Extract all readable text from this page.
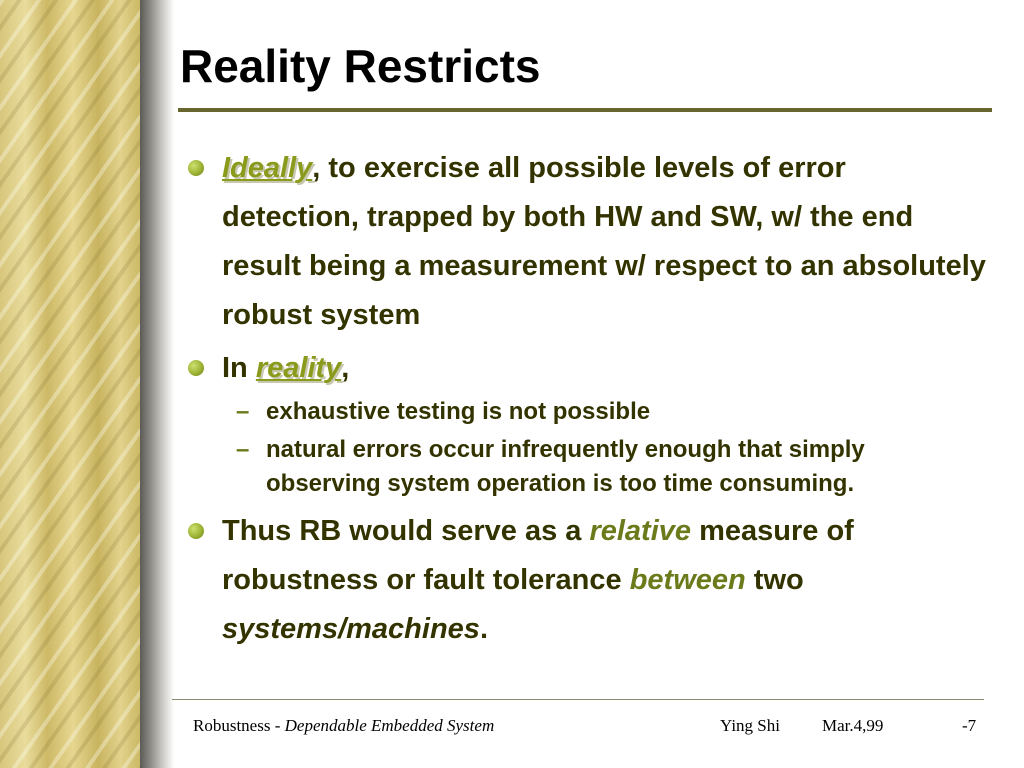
Reality Restricts
Ideally, to exercise all possible levels of error detection, trapped by both HW and SW, w/ the end result being a measurement w/ respect to an absolutely robust system
In reality,
– exhaustive testing is not possible
– natural errors occur infrequently enough that simply observing system operation is too time consuming.
Thus RB would serve as a relative measure of robustness or fault tolerance between two systems/machines.
Robustness - Dependable Embedded System	Ying Shi Mar.4,99	-7
